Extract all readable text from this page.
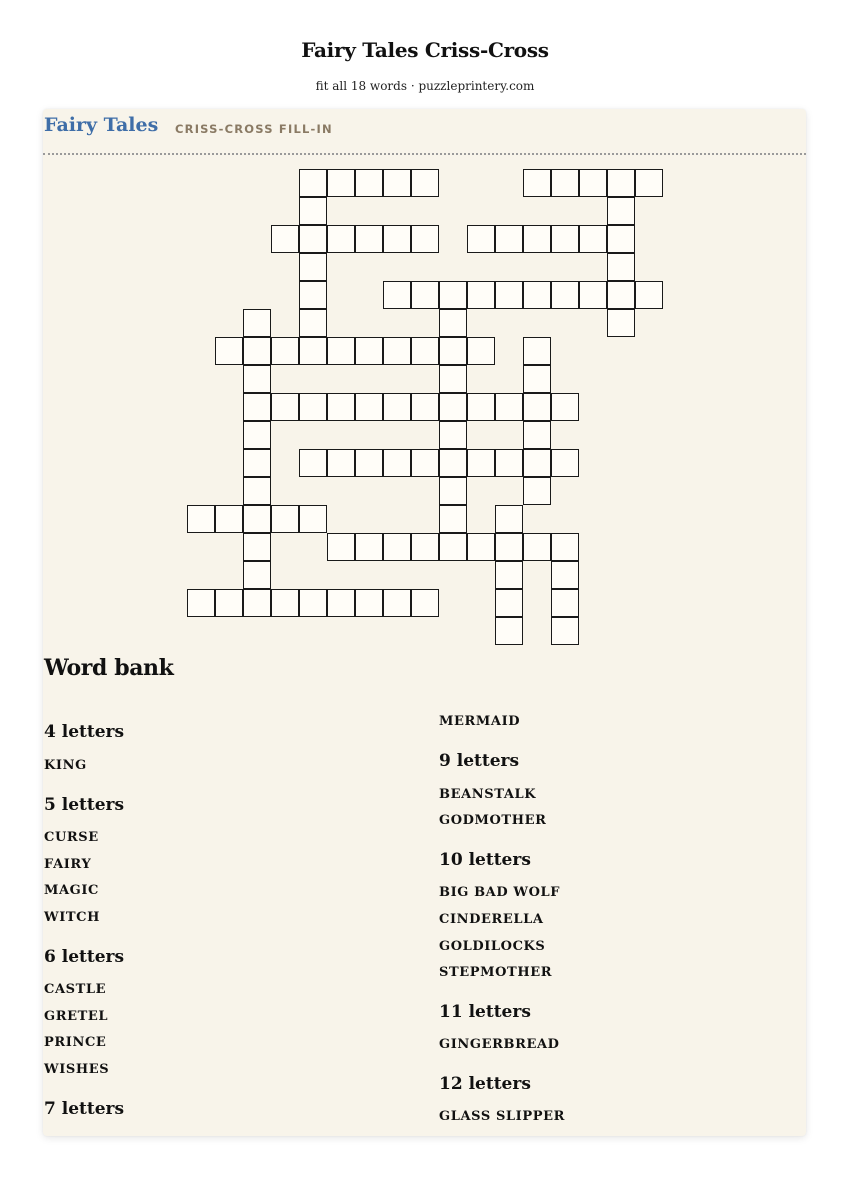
Fairy Tales Criss-Cross
fit all 18 words · puzzleprintery.com
Fairy Tales CRISS-CROSS FILL-IN
Word bank
4 letters
KING
5 letters
CURSE
FAIRY
MAGIC
WITCH
6 letters
CASTLE
GRETEL
PRINCE
WISHES
7 letters
MERMAID
9 letters
BEANSTALK
GODMOTHER
10 letters
BIG BAD WOLF
CINDERELLA
GOLDILOCKS
STEPMOTHER
11 letters
GINGERBREAD
12 letters
GLASS SLIPPER
